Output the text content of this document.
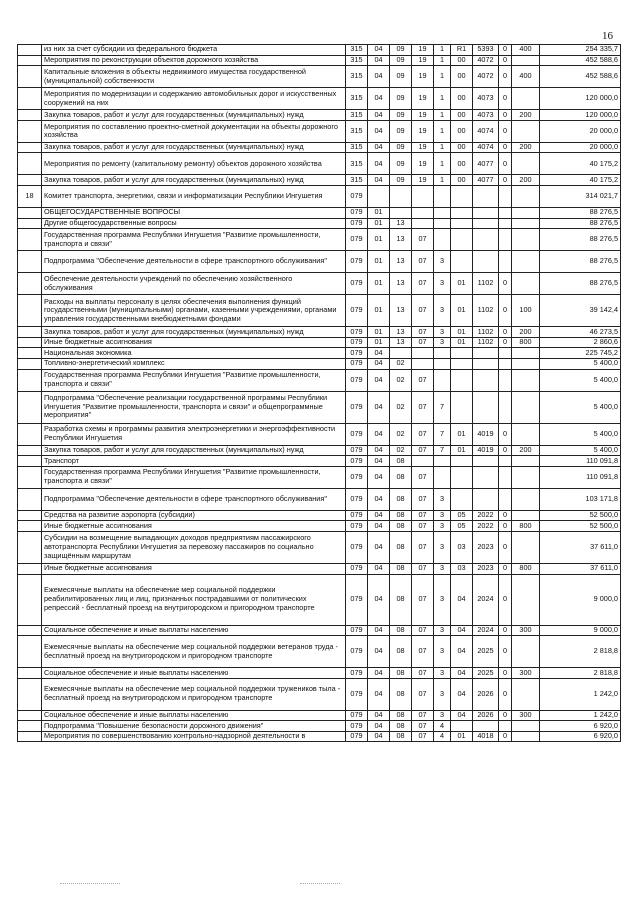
16
	из них за счет субсидии из федерального бюджета	315	04	09	19	1	R1	5393	0	400	254 335,7
	Мероприятия по реконструкции объектов дорожного хозяйства	315	04	09	19	1	00	4072	0		452 588,6
	Капитальные вложения в объекты недвижимого имущества государственной (муниципальной) собственности	315	04	09	19	1	00	4072	0	400	452 588,6
	Мероприятия по модернизации и содержанию автомобильных дорог и искусственных сооружений на них	315	04	09	19	1	00	4073	0		120 000,0
	Закупка товаров, работ и услуг для государственных (муниципальных) нужд	315	04	09	19	1	00	4073	0	200	120 000,0
	Мероприятия по составлению проектно-сметной документации на объекты дорожного хозяйства	315	04	09	19	1	00	4074	0		20 000,0
	Закупка товаров, работ и услуг для государственных (муниципальных) нужд	315	04	09	19	1	00	4074	0	200	20 000,0
	Мероприятия по ремонту (капитальному ремонту) объектов дорожного хозяйства	315	04	09	19	1	00	4077	0		40 175,2
	Закупка товаров, работ и услуг для государственных (муниципальных) нужд	315	04	09	19	1	00	4077	0	200	40 175,2
18	Комитет транспорта, энергетики, связи и информатизации Республики Ингушетия	079									314 021,7
	ОБЩЕГОСУДАРСТВЕННЫЕ ВОПРОСЫ	079	01								88 276,5
	Другие общегосударственные вопросы	079	01	13							88 276,5
	Государственная программа Республики Ингушетия "Развитие промышленности, транспорта и связи"	079	01	13	07						88 276,5
	Подпрограмма "Обеспечение деятельности в сфере транспортного обслуживания"	079	01	13	07	3					88 276,5
	Обеспечение деятельности учреждений по обеспечению хозяйственного обслуживания	079	01	13	07	3	01	1102	0		88 276,5
	Расходы на выплаты персоналу в целях обеспечения выполнения функций государственными (муниципальными) органами, казенными учреждениями, органами управления государственными внебюджетными фондами	079	01	13	07	3	01	1102	0	100	39 142,4
	Закупка товаров, работ и услуг для государственных (муниципальных) нужд	079	01	13	07	3	01	1102	0	200	46 273,5
	Иные бюджетные ассигнования	079	01	13	07	3	01	1102	0	800	2 860,6
	Национальная экономика	079	04								225 745,2
	Топливно-энергетический комплекс	079	04	02							5 400,0
	Государственная программа Республики Ингушетия "Развитие промышленности, транспорта и связи"	079	04	02	07						5 400,0
	Подпрограмма "Обеспечение реализации государственной программы Республики Ингушетия "Развитие промышленности, транспорта и связи" и общепрограммные мероприятия"	079	04	02	07	7					5 400,0
	Разработка схемы и программы развития электроэнергетики и энергоэффективности Республики Ингушетия	079	04	02	07	7	01	4019	0		5 400,0
	Закупка товаров, работ и услуг для государственных (муниципальных) нужд	079	04	02	07	7	01	4019	0	200	5 400,0
	Транспорт	079	04	08							110 091,8
	Государственная программа Республики Ингушетия "Развитие промышленности, транспорта и связи"	079	04	08	07						110 091,8
	Подпрограмма "Обеспечение деятельности в сфере транспортного обслуживания"	079	04	08	07	3					103 171,8
	Средства на развитие аэропорта (субсидии)	079	04	08	07	3	05	2022	0		52 500,0
	Иные бюджетные ассигнования	079	04	08	07	3	05	2022	0	800	52 500,0
	Субсидии на возмещение выпадающих доходов предприятиям пассажирского автотранспорта Республики Ингушетия за перевозку пассажиров по социально защищённым маршрутам	079	04	08	07	3	03	2023	0		37 611,0
	Иные бюджетные ассигнования	079	04	08	07	3	03	2023	0	800	37 611,0
	Ежемесячные выплаты на обеспечение мер социальной поддержки реабилитированных лиц и лиц, признанных пострадавшими от политических репрессий - бесплатный проезд на внутригородском и пригородном транспорте	079	04	08	07	3	04	2024	0		9 000,0
	Социальное обеспечение и иные выплаты населению	079	04	08	07	3	04	2024	0	300	9 000,0
	Ежемесячные выплаты на обеспечение мер социальной поддержки ветеранов труда - бесплатный проезд на внутригородском и пригородном транспорте	079	04	08	07	3	04	2025	0		2 818,8
	Социальное обеспечение и иные выплаты населению	079	04	08	07	3	04	2025	0	300	2 818,8
	Ежемесячные выплаты на обеспечение мер социальной поддержки тружеников тыла - бесплатный проезд на внутригородском и пригородном транспорте	079	04	08	07	3	04	2026	0		1 242,0
	Социальное обеспечение и иные выплаты населению	079	04	08	07	3	04	2026	0	300	1 242,0
	Подпрограмма "Повышение безопасности дорожного движения"	079	04	08	07	4					6 920,0
	Мероприятия по совершенствованию контрольно-надзорной деятельности в	079	04	08	07	4	01	4018	0		6 920,0
